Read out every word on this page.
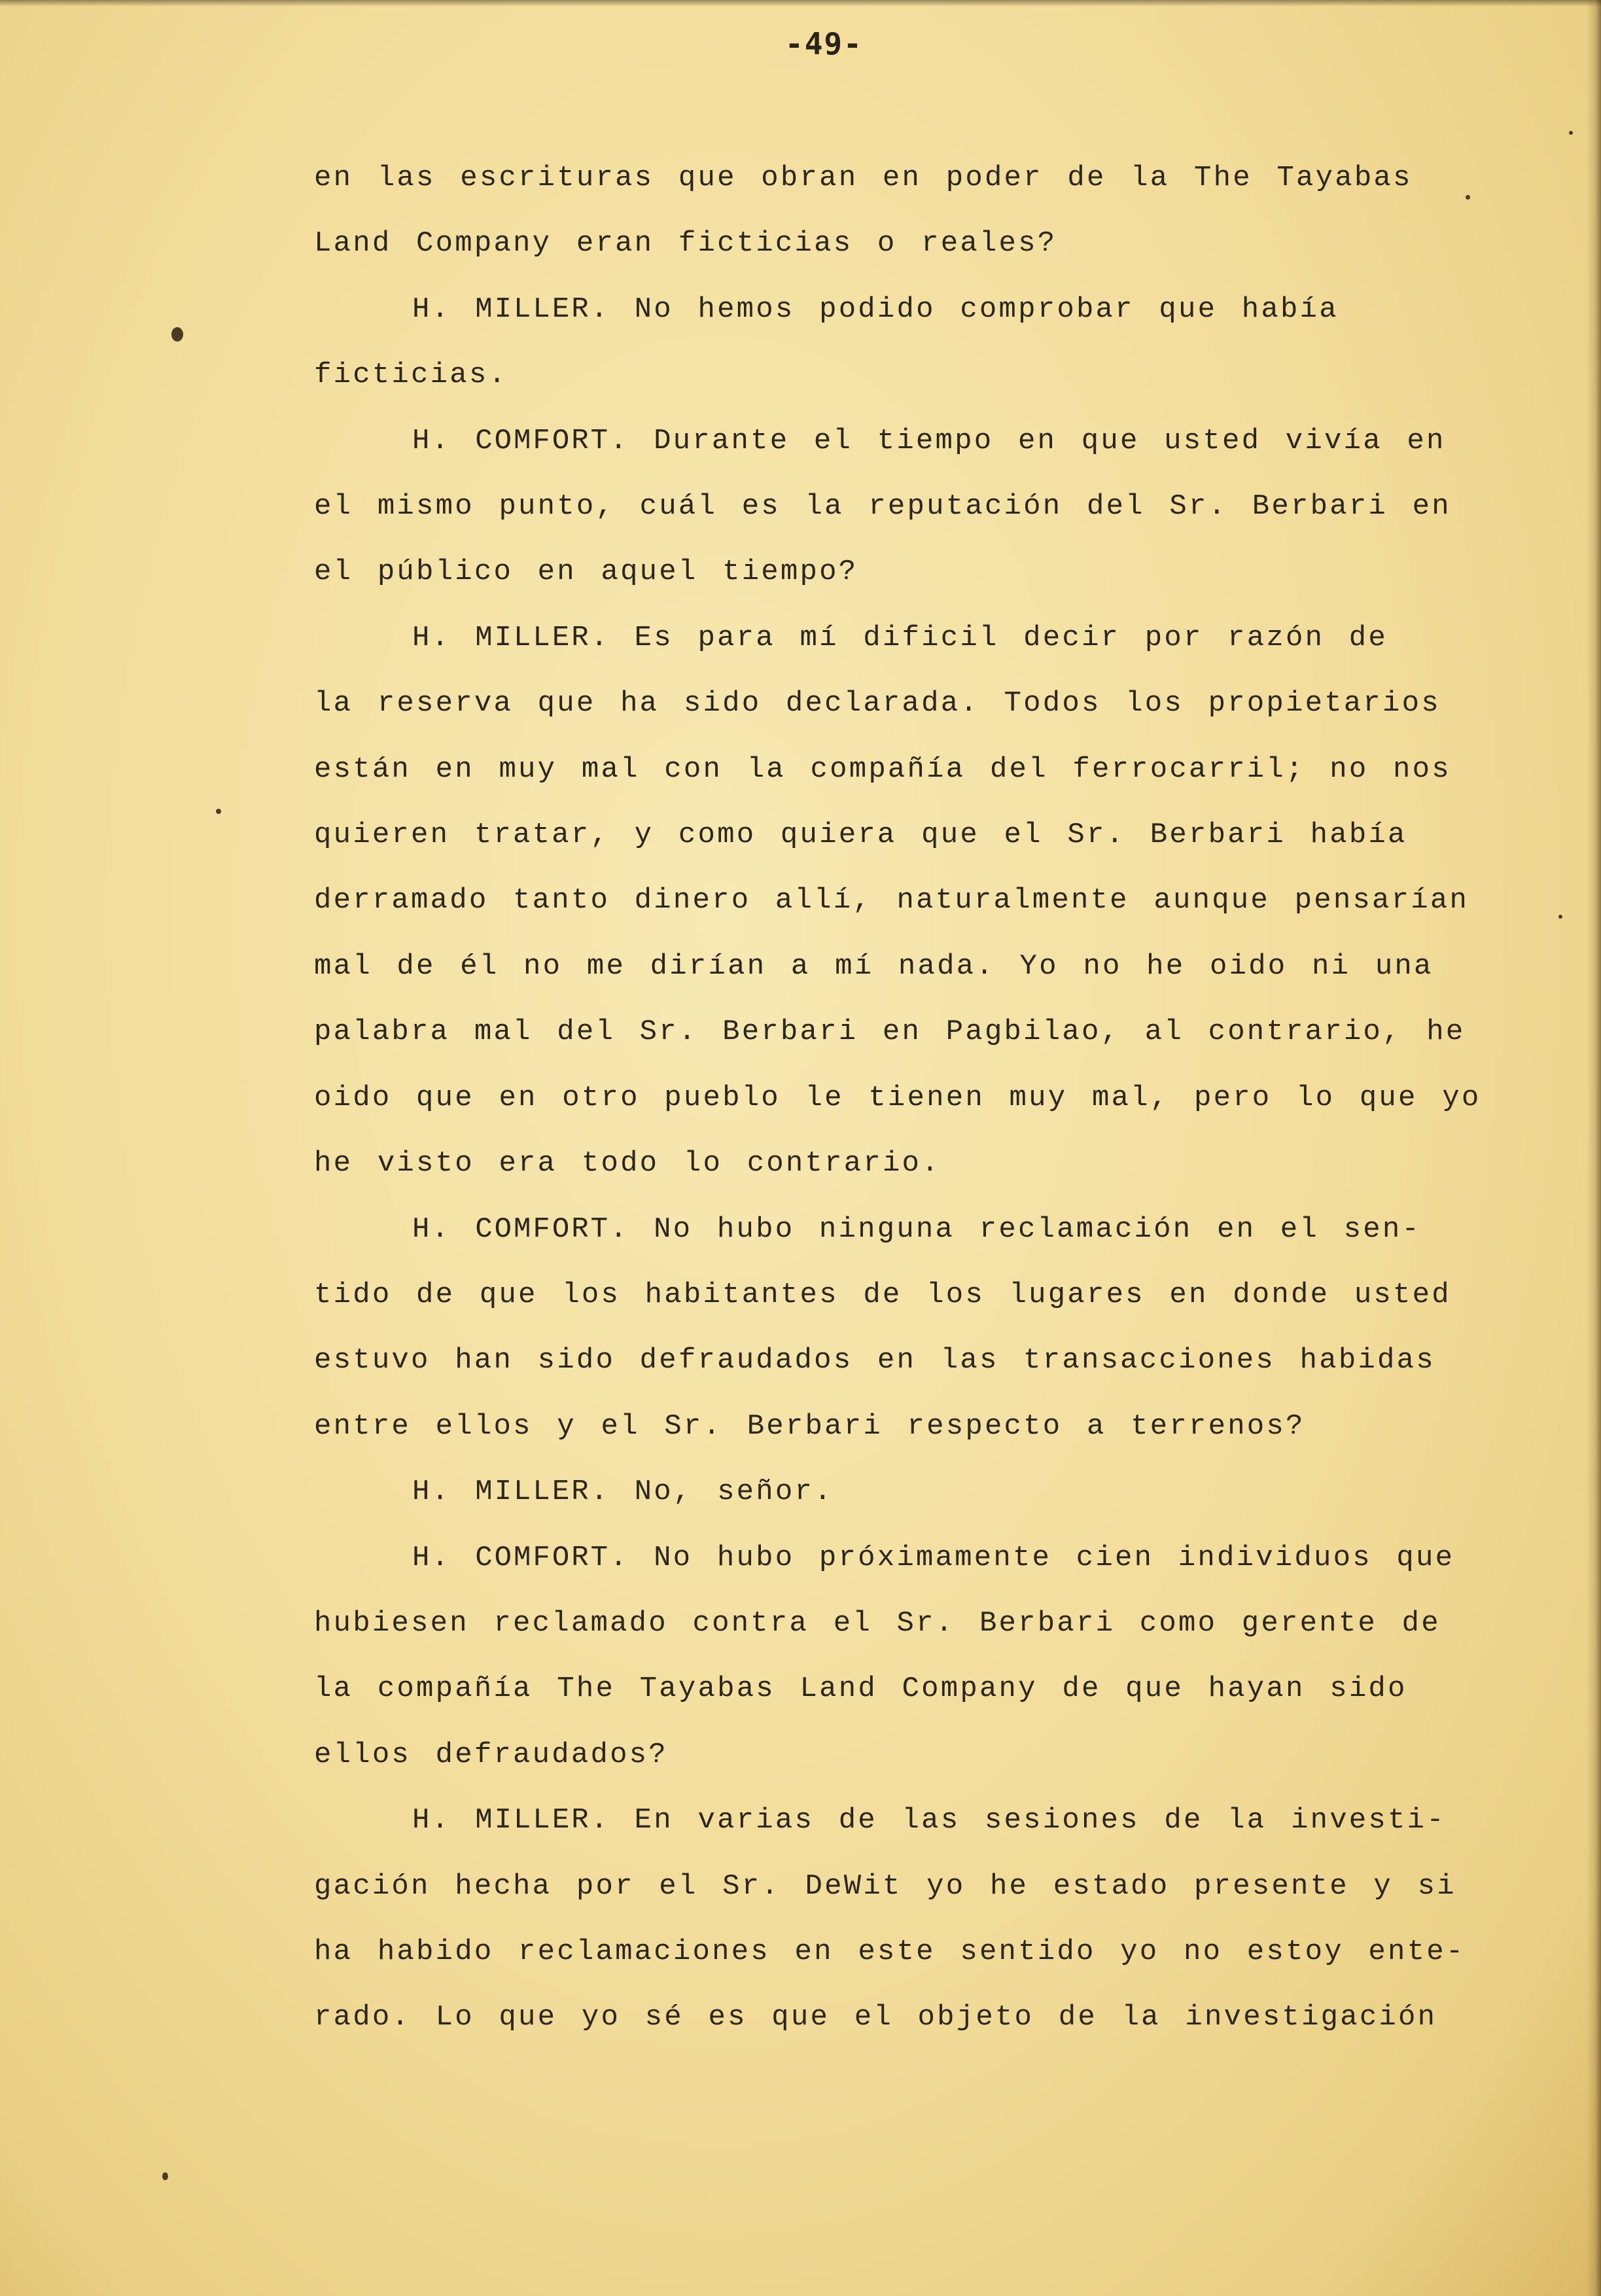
-49-
en las escrituras que obran en poder de la The Tayabas
Land Company eran ficticias o reales?
H. MILLER. No hemos podido comprobar que había
ficticias.
H. COMFORT. Durante el tiempo en que usted vivía en
el mismo punto, cuál es la reputación del Sr. Berbari en
el público en aquel tiempo?
H. MILLER. Es para mí dificil decir por razón de
la reserva que ha sido declarada. Todos los propietarios
están en muy mal con la compañía del ferrocarril; no nos
quieren tratar, y como quiera que el Sr. Berbari había
derramado tanto dinero allí, naturalmente aunque pensarían
mal de él no me dirían a mí nada. Yo no he oido ni una
palabra mal del Sr. Berbari en Pagbilao, al contrario, he
oido que en otro pueblo le tienen muy mal, pero lo que yo
he visto era todo lo contrario.
H. COMFORT. No hubo ninguna reclamación en el sen-
tido de que los habitantes de los lugares en donde usted
estuvo han sido defraudados en las transacciones habidas
entre ellos y el Sr. Berbari respecto a terrenos?
H. MILLER. No, señor.
H. COMFORT. No hubo próximamente cien individuos que
hubiesen reclamado contra el Sr. Berbari como gerente de
la compañía The Tayabas Land Company de que hayan sido
ellos defraudados?
H. MILLER. En varias de las sesiones de la investi-
gación hecha por el Sr. DeWit yo he estado presente y si
ha habido reclamaciones en este sentido yo no estoy ente-
rado. Lo que yo sé es que el objeto de la investigación
